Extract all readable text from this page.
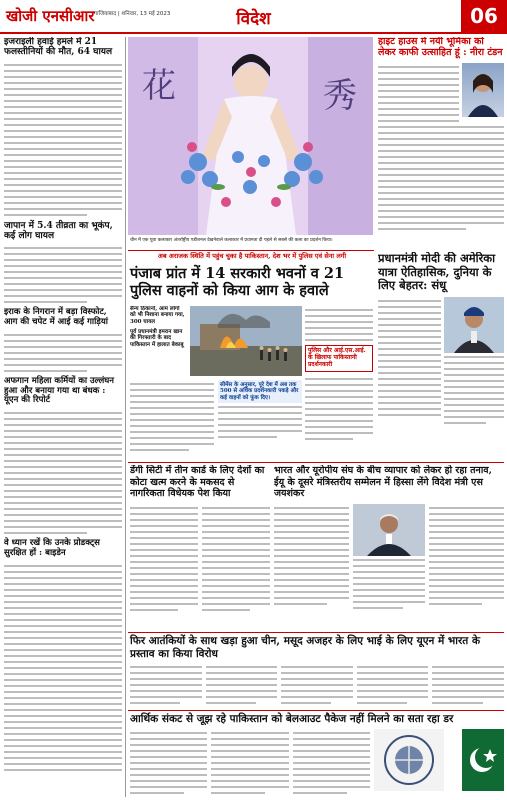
खोजी एनसीआर गाजियाबाद | शनिवार, 13 मई 2023	विदेश	06
इजराइली हवाई हमले में 21 फलस्तीनियों की मौत, 64 घायल
जापान में 5.4 तीव्रता का भूकंप, कई लोग घायल
इराक के निगरान में बड़ा विस्फोट, आग की चपेट में आई कई गाड़ियां
अफगान महिला कर्मियों का उल्लंघन हुआ और बनाया गया था बंधक : यूएन की रिपोर्ट
वे ध्यान रखें कि उनके प्रोडक्ट्स सुरक्षित हों : बाइडेन
花	秀
चीन में एक युवा कलाकार अंतर्राष्ट्रीय एडीशनल देखनेवाले कलाकार में प्रधानता दी पहले से सबसे की कला का प्रदर्शन किया।
हाइट हाउस में नयी भूमिका को लेकर काफी उत्साहित हूं : नीरा टंडन
अब अराजक स्थिति में पहुंच चुका है पाकिस्तान, देश भर में पुलिस एवं सेना लगी
पंजाब प्रांत में 14 सरकारी भवनों व 21 पुलिस वाहनों को किया आग के हवाले
सैन्य ठिकानों, आम लोगों को भी निशाना बनाया गया, 300 घायल
पूर्व प्रधानमंत्री इमरान खान की गिरफ्तारी के बाद पाकिस्तान में हालात बेकाबू
पुलिस और आई.एस.आई. के खिलाफ पाकिस्तानी प्रदर्शनकारी
सीमेंस के अनुसार, पूरे देश में अब तक 500 से अधिक प्रदर्शनकारी पकड़े और कई वाहनों को फूंक दिए।
प्रधानमंत्री मोदी की अमेरिका यात्रा ऐतिहासिक, दुनिया के लिए बेहतर: संधू
डेंगी सिटी में तीन कार्ड के लिए देशों का कोटा खत्म करने के मकसद से नागरिकता विधेयक पेश किया
भारत और यूरोपीय संघ के बीच व्यापार को लेकर हो रहा तनाव, ईयू के दूसरे मंत्रिस्तरीय सम्मेलन में हिस्सा लेंगे विदेश मंत्री एस जयशंकर
फिर आतंकियों के साथ खड़ा हुआ चीन, मसूद अजहर के लिए भाई के लिए यूएन में भारत के प्रस्ताव का किया विरोध
आर्थिक संकट से जूझ रहे पाकिस्तान को बेलआउट पैकेज नहीं मिलने का सता रहा डर
